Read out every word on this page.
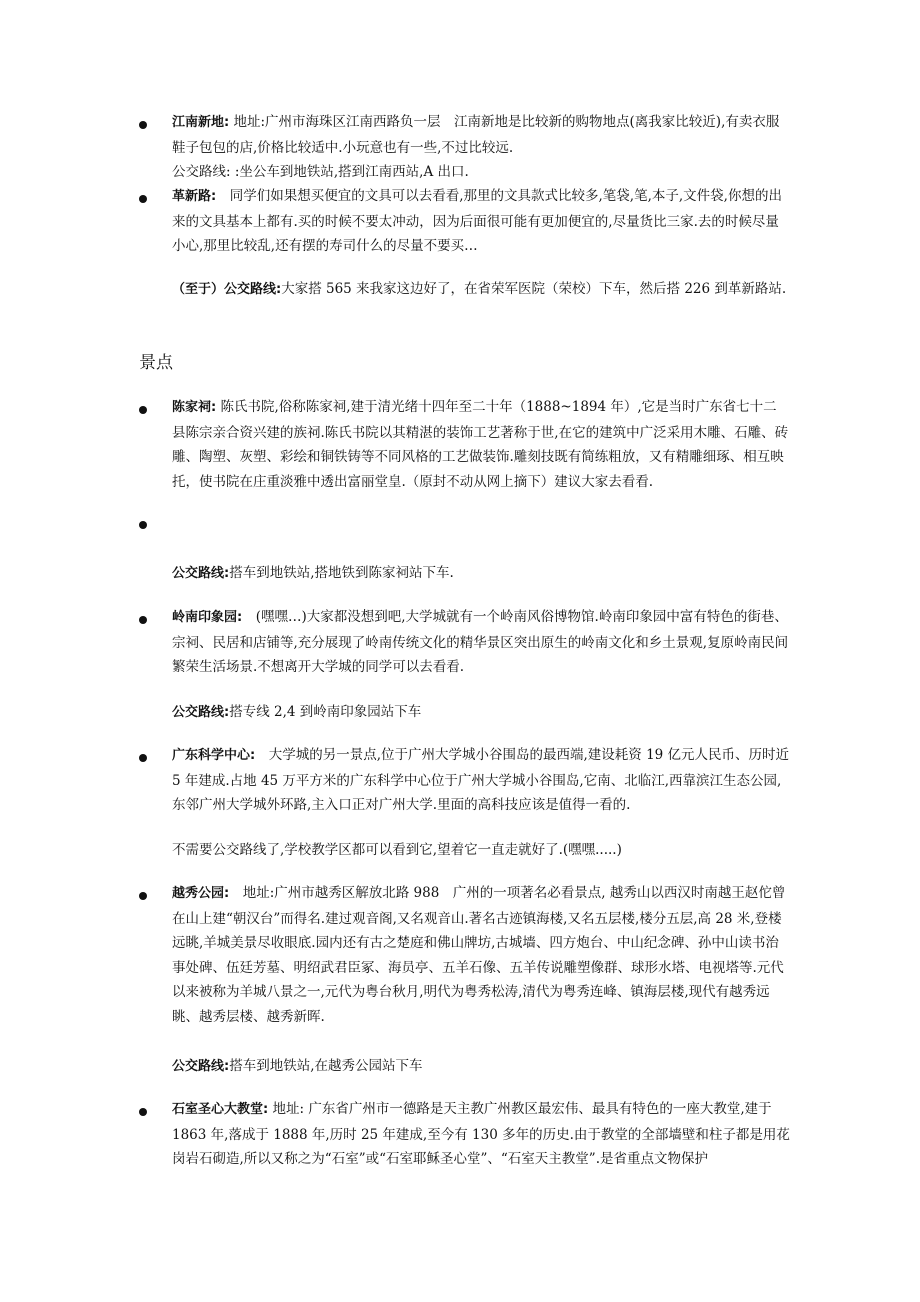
江南新地: 地址:广州市海珠区江南西路负一层　江南新地是比较新的购物地点(离我家比较近),有卖衣服鞋子包包的店,价格比较适中.小玩意也有一些,不过比较远.　　　　　　　　　　　　　　　　　　　　公交路线: :坐公车到地铁站,搭到江南西站,A 出口.
革新路:　同学们如果想买便宜的文具可以去看看,那里的文具款式比较多,笔袋,笔,本子,文件袋,你想的出来的文具基本上都有.买的时候不要太冲动，因为后面很可能有更加便宜的,尽量货比三家.去的时候尽量小心,那里比较乱,还有摆的寿司什么的尽量不要买…
（至于）公交路线:大家搭 565 来我家这边好了，在省荣军医院（荣校）下车，然后搭 226 到革新路站.
景点
陈家祠: 陈氏书院,俗称陈家祠,建于清光绪十四年至二十年（1888~1894 年）,它是当时广东省七十二县陈宗亲合资兴建的族祠.陈氏书院以其精湛的装饰工艺著称于世,在它的建筑中广泛采用木雕、石雕、砖雕、陶塑、灰塑、彩绘和铜铁铸等不同风格的工艺做装饰.雕刻技既有简练粗放，又有精雕细琢、相互映托，使书院在庄重淡雅中透出富丽堂皇.（原封不动从网上摘下）建议大家去看看.
公交路线:搭车到地铁站,搭地铁到陈家祠站下车.
岭南印象园:　(嘿嘿…)大家都没想到吧,大学城就有一个岭南风俗博物馆.岭南印象园中富有特色的街巷、宗祠、民居和店铺等,充分展现了岭南传统文化的精华景区突出原生的岭南文化和乡土景观,复原岭南民间繁荣生活场景.不想离开大学城的同学可以去看看.
公交路线:搭专线 2,4 到岭南印象园站下车
广东科学中心:　大学城的另一景点,位于广州大学城小谷围岛的最西端,建设耗资 19 亿元人民币、历时近 5 年建成.占地 45 万平方米的广东科学中心位于广州大学城小谷围岛,它南、北临江,西靠滨江生态公园,东邻广州大学城外环路,主入口正对广州大学.里面的高科技应该是值得一看的.
不需要公交路线了,学校教学区都可以看到它,望着它一直走就好了.(嘿嘿.....)
越秀公园:　地址:广州市越秀区解放北路 988　广州的一项著名必看景点, 越秀山以西汉时南越王赵佗曾在山上建“朝汉台”而得名.建过观音阁,又名观音山.著名古迹镇海楼,又名五层楼,楼分五层,高 28 米,登楼远眺,羊城美景尽收眼底.园内还有古之楚庭和佛山牌坊,古城墙、四方炮台、中山纪念碑、孙中山读书治事处碑、伍廷芳墓、明绍武君臣冢、海员亭、五羊石像、五羊传说雕塑像群、球形水塔、电视塔等.元代以来被称为羊城八景之一,元代为粤台秋月,明代为粤秀松涛,清代为粤秀连峰、镇海层楼,现代有越秀远眺、越秀层楼、越秀新晖.
公交路线:搭车到地铁站,在越秀公园站下车
石室圣心大教堂: 地址: 广东省广州市一德路是天主教广州教区最宏伟、最具有特色的一座大教堂,建于 1863 年,落成于 1888 年,历时 25 年建成,至今有 130 多年的历史.由于教堂的全部墙壁和柱子都是用花岗岩石砌造,所以又称之为“石室”或“石室耶稣圣心堂”、“石室天主教堂”.是省重点文物保护
